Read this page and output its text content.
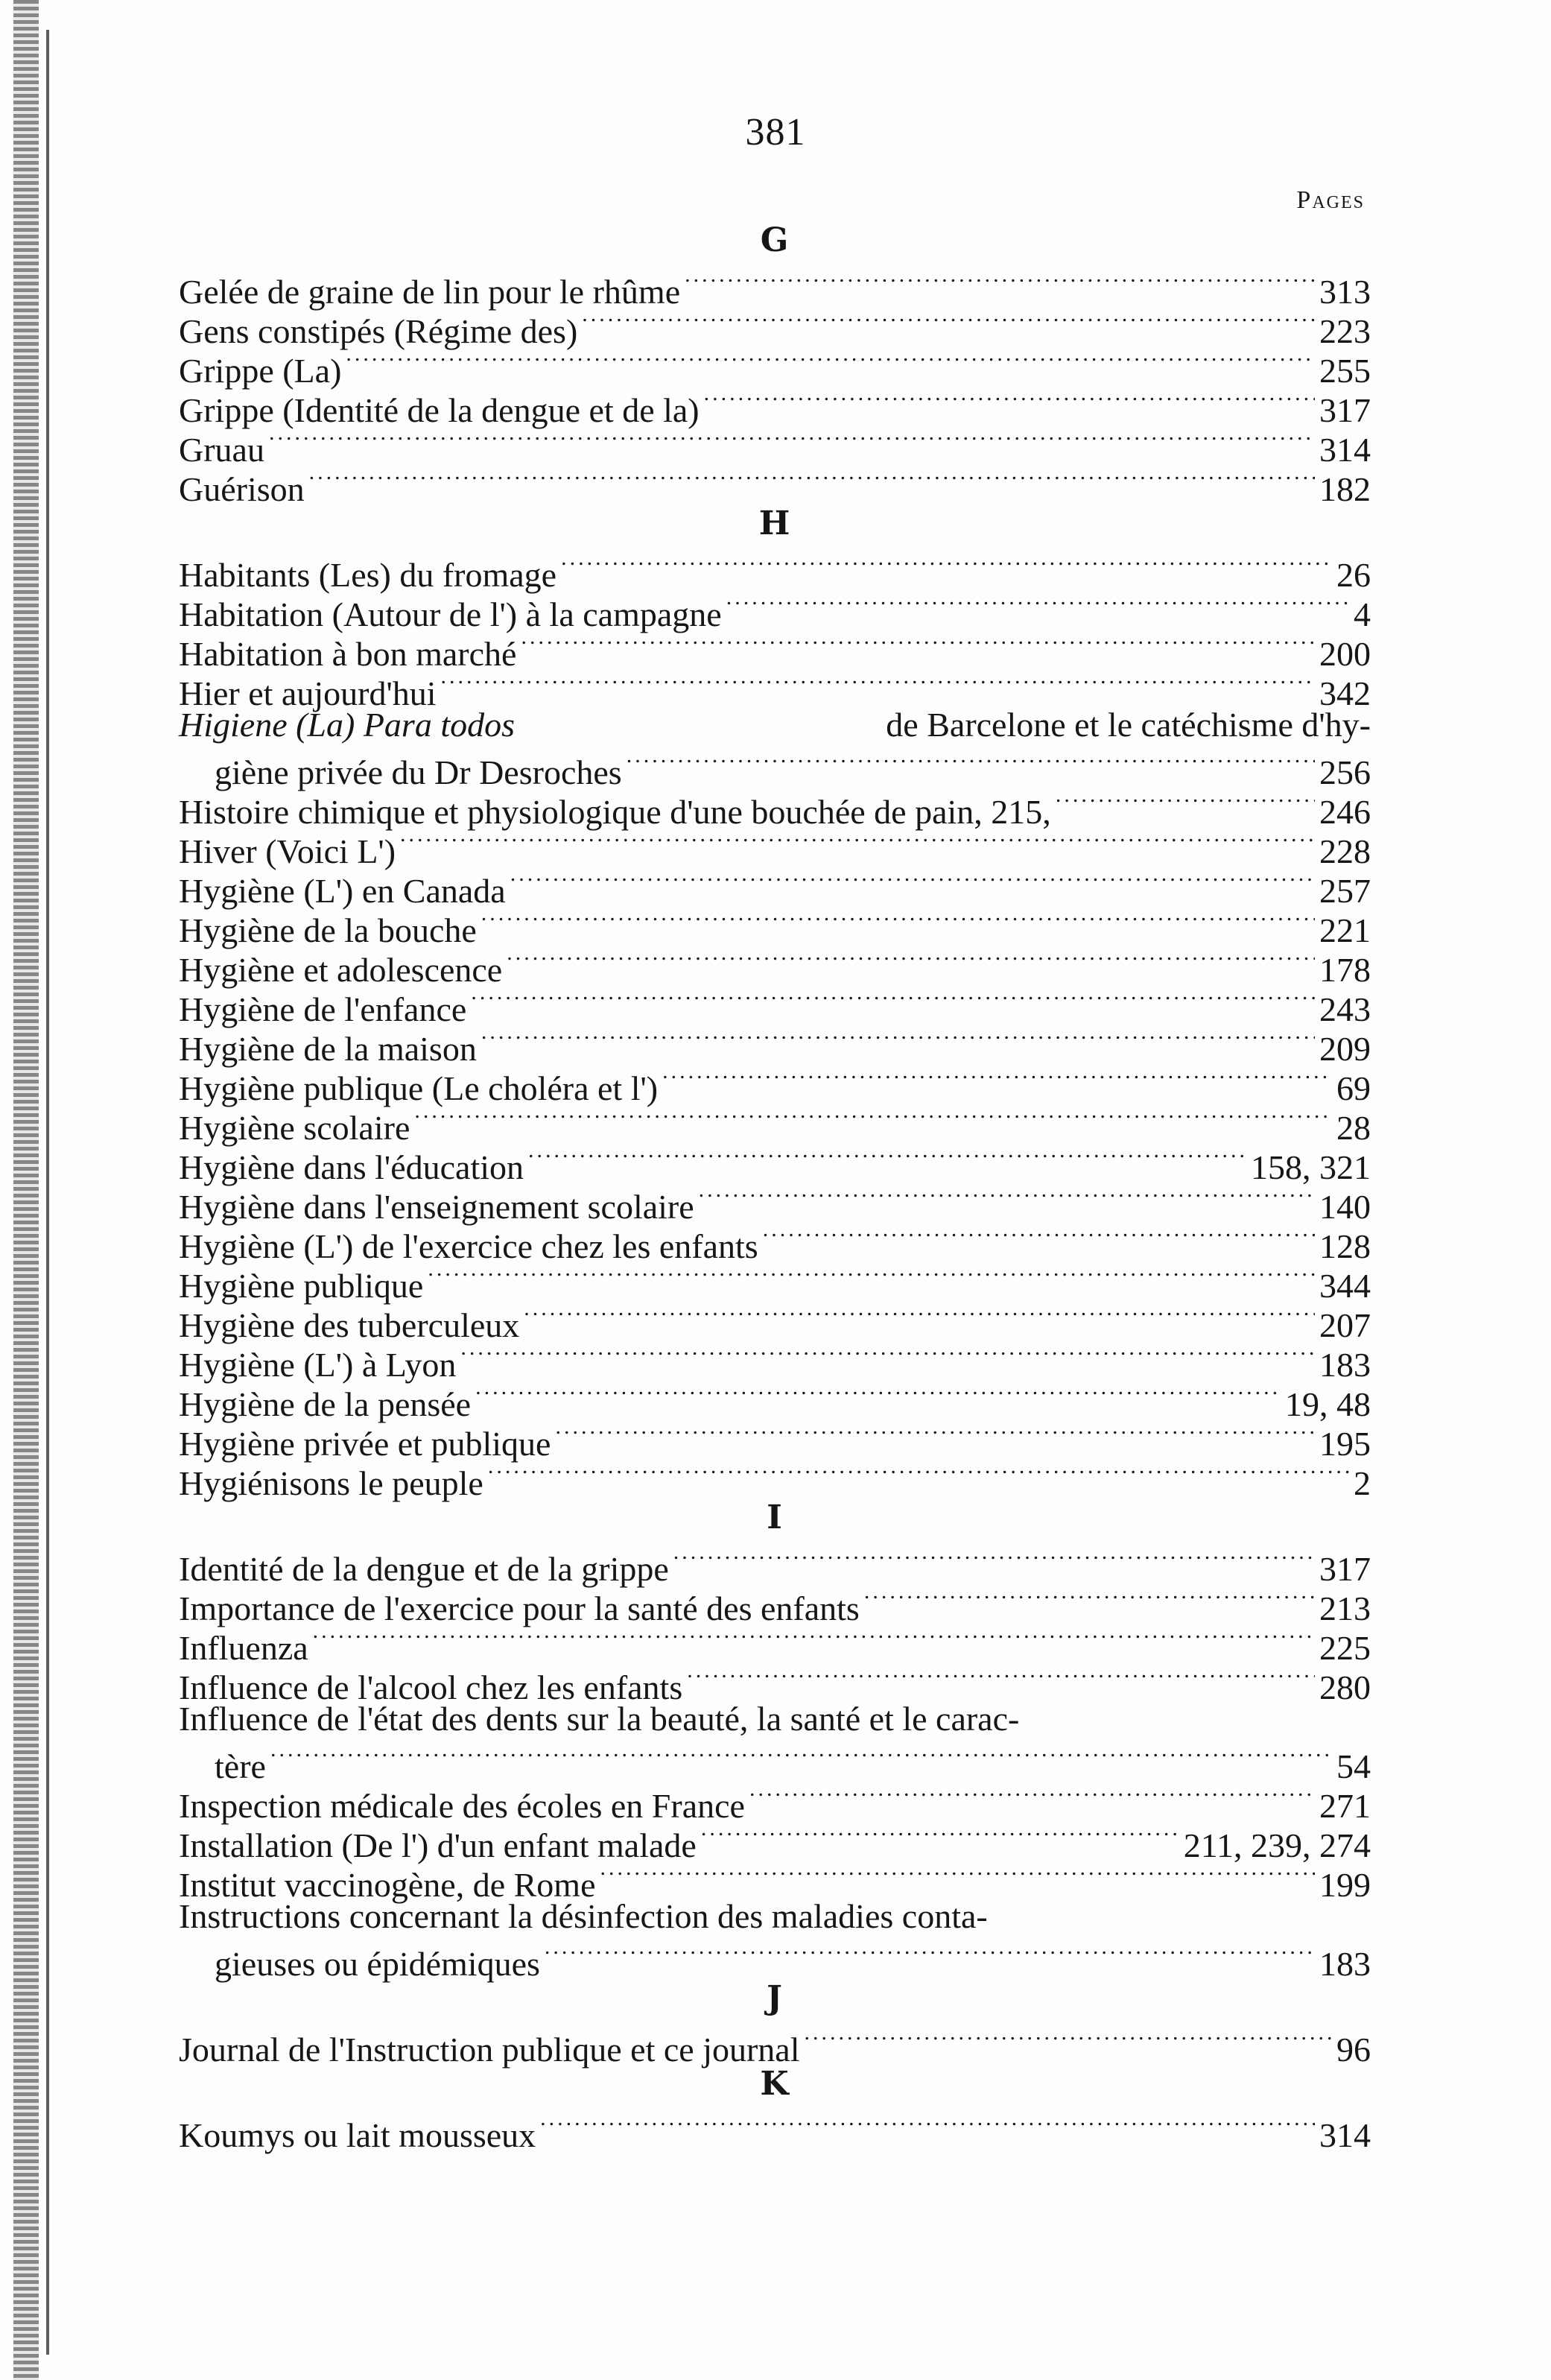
381
Pages
G
Gelée de graine de lin pour le rhûme .....	313
Gens constipés (Régime des) .....	223
Grippe (La) .....	255
Grippe (Identité de la dengue et de la) .....	317
Gruau .....	314
Guérison .....	182
H
Habitants (Les) du fromage .....	26
Habitation (Autour de l') à la campagne .....	4
Habitation à bon marché .....	200
Hier et aujourd'hui .....	342
Higiene (La) Para todos	de Barcelone et le catéchisme d'hy-
giène privée du Dr Desroches .....	256
Histoire chimique et physiologique d'une bouchée de pain, 215, .....	246
Hiver (Voici L') .....	228
Hygiène (L') en Canada .....	257
Hygiène de la bouche .....	221
Hygiène et adolescence .....	178
Hygiène de l'enfance .....	243
Hygiène de la maison .....	209
Hygiène publique (Le choléra et l') .....	69
Hygiène scolaire .....	28
Hygiène dans l'éducation .....	158, 321
Hygiène dans l'enseignement scolaire .....	140
Hygiène (L') de l'exercice chez les enfants .....	128
Hygiène publique .....	344
Hygiène des tuberculeux .....	207
Hygiène (L') à Lyon .....	183
Hygiène de la pensée .....	19, 48
Hygiène privée et publique .....	195
Hygiénisons le peuple .....	2
I
Identité de la dengue et de la grippe .....	317
Importance de l'exercice pour la santé des enfants .....	213
Influenza .....	225
Influence de l'alcool chez les enfants .....	280
Influence de l'état des dents sur la beauté, la santé et le carac-
tère .....	54
Inspection médicale des écoles en France .....	271
Installation (De l') d'un enfant malade .....	211, 239, 274
Institut vaccinogène, de Rome .....	199
Instructions concernant la désinfection des maladies conta-
gieuses ou épidémiques .....	183
J
Journal de l'Instruction publique et ce journal .....	96
K
Koumys ou lait mousseux .....	314
